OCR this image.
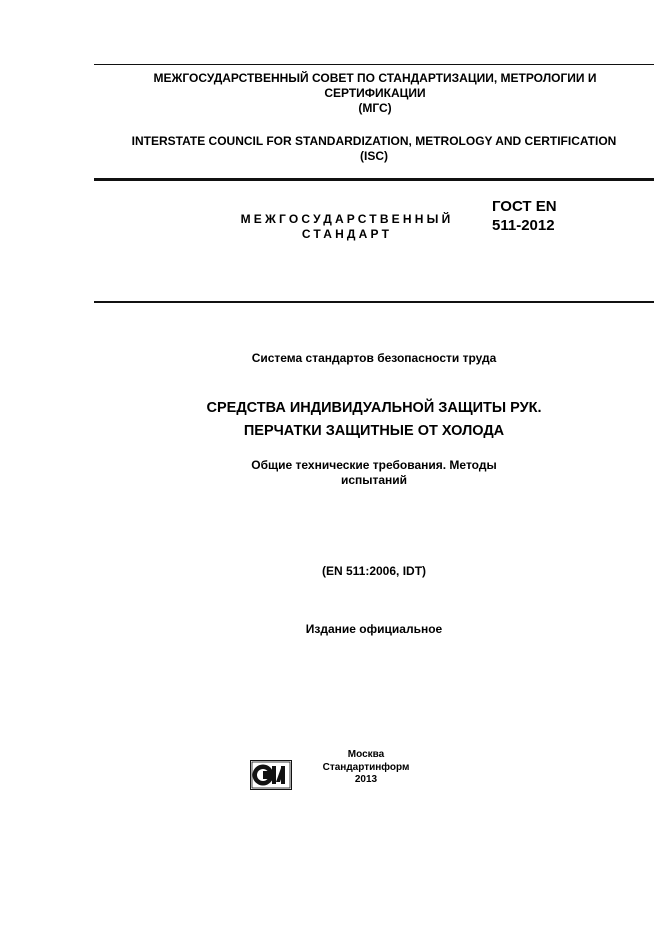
МЕЖГОСУДАРСТВЕННЫЙ СОВЕТ ПО СТАНДАРТИЗАЦИИ, МЕТРОЛОГИИ И
СЕРТИФИКАЦИИ
(МГС)
INTERSTATE COUNCIL FOR STANDARDIZATION, METROLOGY AND CERTIFICATION
(ISC)
МЕЖГОСУДАРСТВЕННЫЙ
СТАНДАРТ
ГОСТ EN
511-2012
Система стандартов безопасности труда
СРЕДСТВА ИНДИВИДУАЛЬНОЙ ЗАЩИТЫ РУК.
ПЕРЧАТКИ ЗАЩИТНЫЕ ОТ ХОЛОДА
Общие технические требования. Методы
испытаний
(EN 511:2006, IDT)
Издание официальное
Москва
Стандартинформ
2013
